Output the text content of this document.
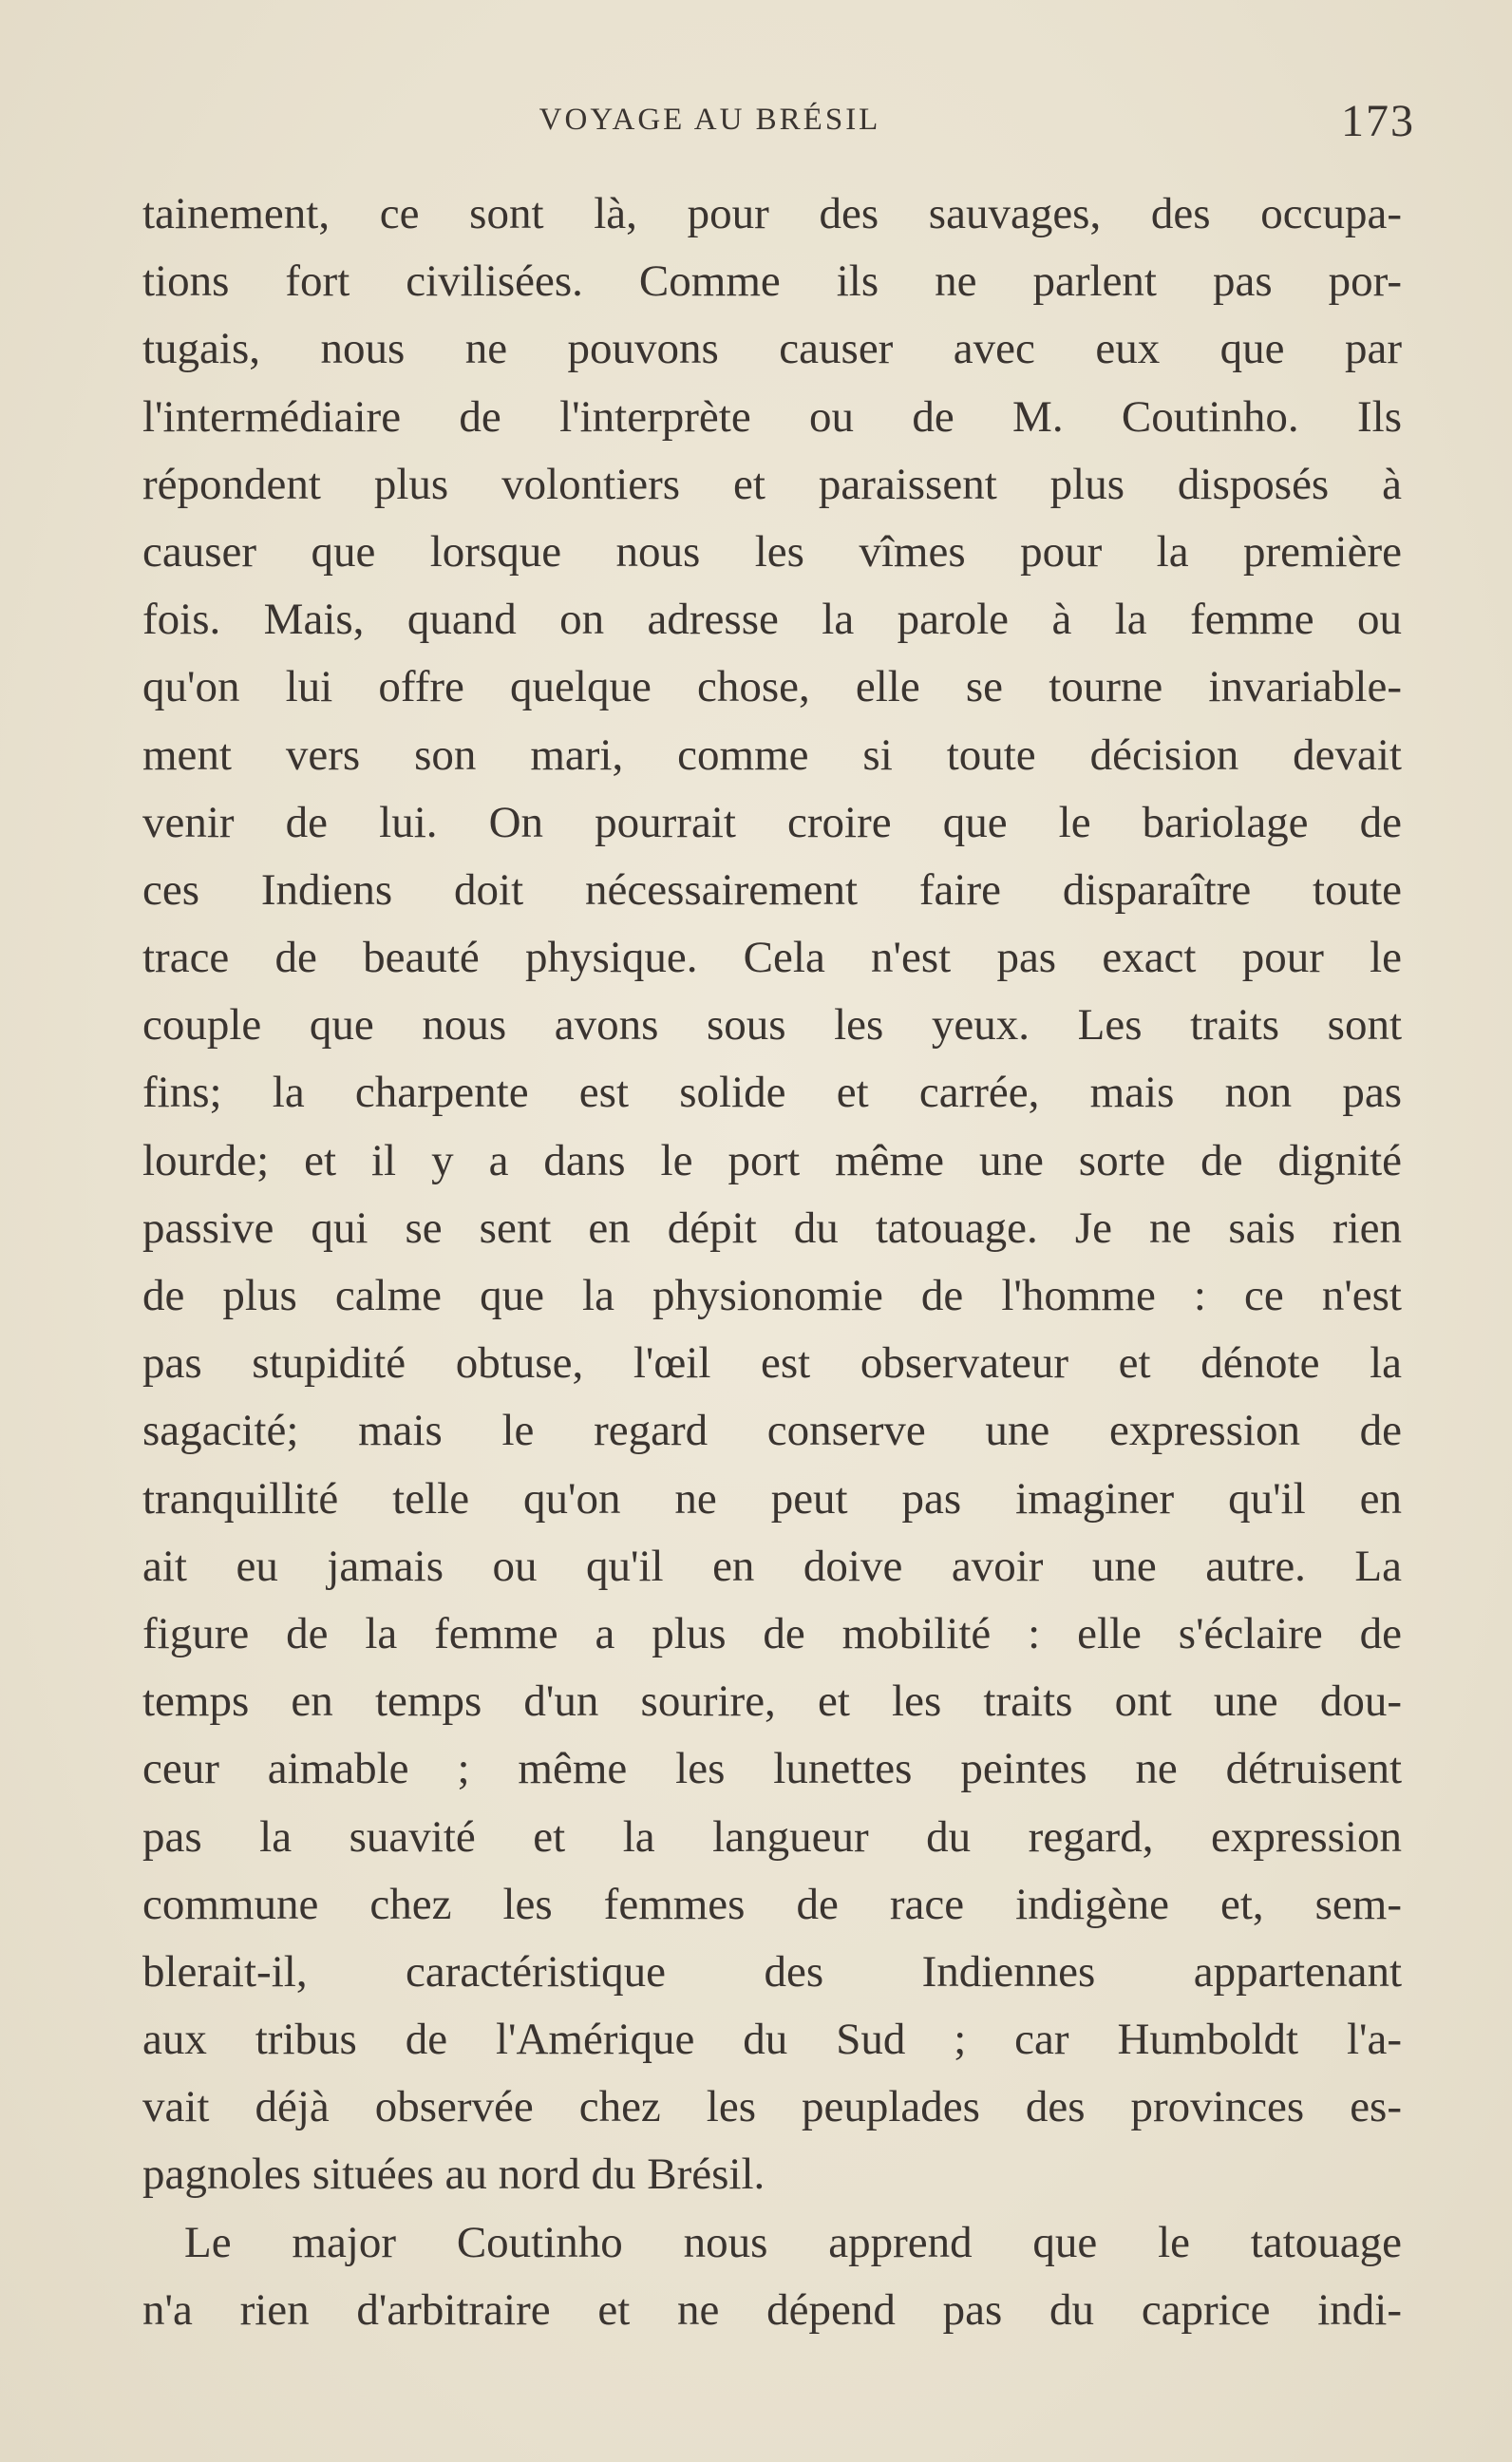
VOYAGE AU BRÉSIL	173
tainement, ce sont là, pour des sauvages, des occupa-
tions fort civilisées. Comme ils ne parlent pas por-
tugais, nous ne pouvons causer avec eux que par
l'intermédiaire de l'interprète ou de M. Coutinho. Ils
répondent plus volontiers et paraissent plus disposés à
causer que lorsque nous les vîmes pour la première
fois. Mais, quand on adresse la parole à la femme ou
qu'on lui offre quelque chose, elle se tourne invariable-
ment vers son mari, comme si toute décision devait
venir de lui. On pourrait croire que le bariolage de
ces Indiens doit nécessairement faire disparaître toute
trace de beauté physique. Cela n'est pas exact pour le
couple que nous avons sous les yeux. Les traits sont
fins; la charpente est solide et carrée, mais non pas
lourde; et il y a dans le port même une sorte de dignité
passive qui se sent en dépit du tatouage. Je ne sais rien
de plus calme que la physionomie de l'homme : ce n'est
pas stupidité obtuse, l'œil est observateur et dénote la
sagacité; mais le regard conserve une expression de
tranquillité telle qu'on ne peut pas imaginer qu'il en
ait eu jamais ou qu'il en doive avoir une autre. La
figure de la femme a plus de mobilité : elle s'éclaire de
temps en temps d'un sourire, et les traits ont une dou-
ceur aimable ; même les lunettes peintes ne détruisent
pas la suavité et la langueur du regard, expression
commune chez les femmes de race indigène et, sem-
blerait-il, caractéristique des Indiennes appartenant
aux tribus de l'Amérique du Sud ; car Humboldt l'a-
vait déjà observée chez les peuplades des provinces es-
pagnoles situées au nord du Brésil.
Le major Coutinho nous apprend que le tatouage
n'a rien d'arbitraire et ne dépend pas du caprice indi-
